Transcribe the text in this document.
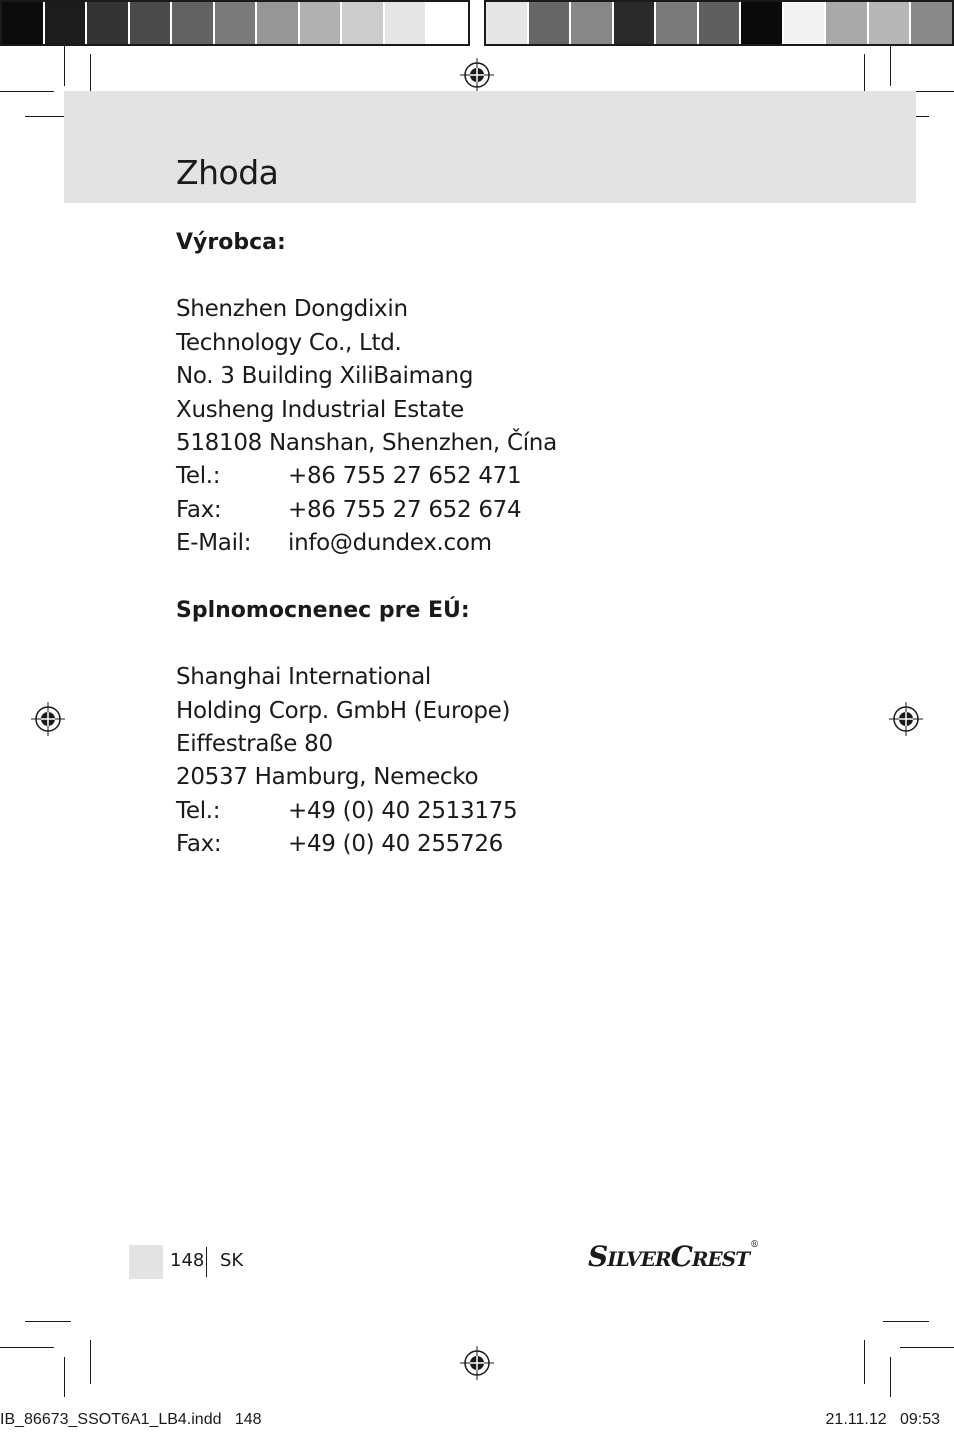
Zhoda
Výrobca:
Shenzhen Dongdixin
Technology Co., Ltd.
No. 3 Building XiliBaimang
Xusheng Industrial Estate
518108 Nanshan, Shenzhen, Čína
Tel.:	+86 755 27 652 471
Fax:	+86 755 27 652 674
E-Mail:	info@dundex.com
Splnomocnenec pre EÚ:
Shanghai International
Holding Corp. GmbH (Europe)
Eiffestraße 80
20537 Hamburg, Nemecko
Tel.:	+49 (0) 40 2513175
Fax:	+49 (0) 40 255726
148 SK	SilverCrest®
IB_86673_SSOT6A1_LB4.indd   148	21.11.12   09:53
